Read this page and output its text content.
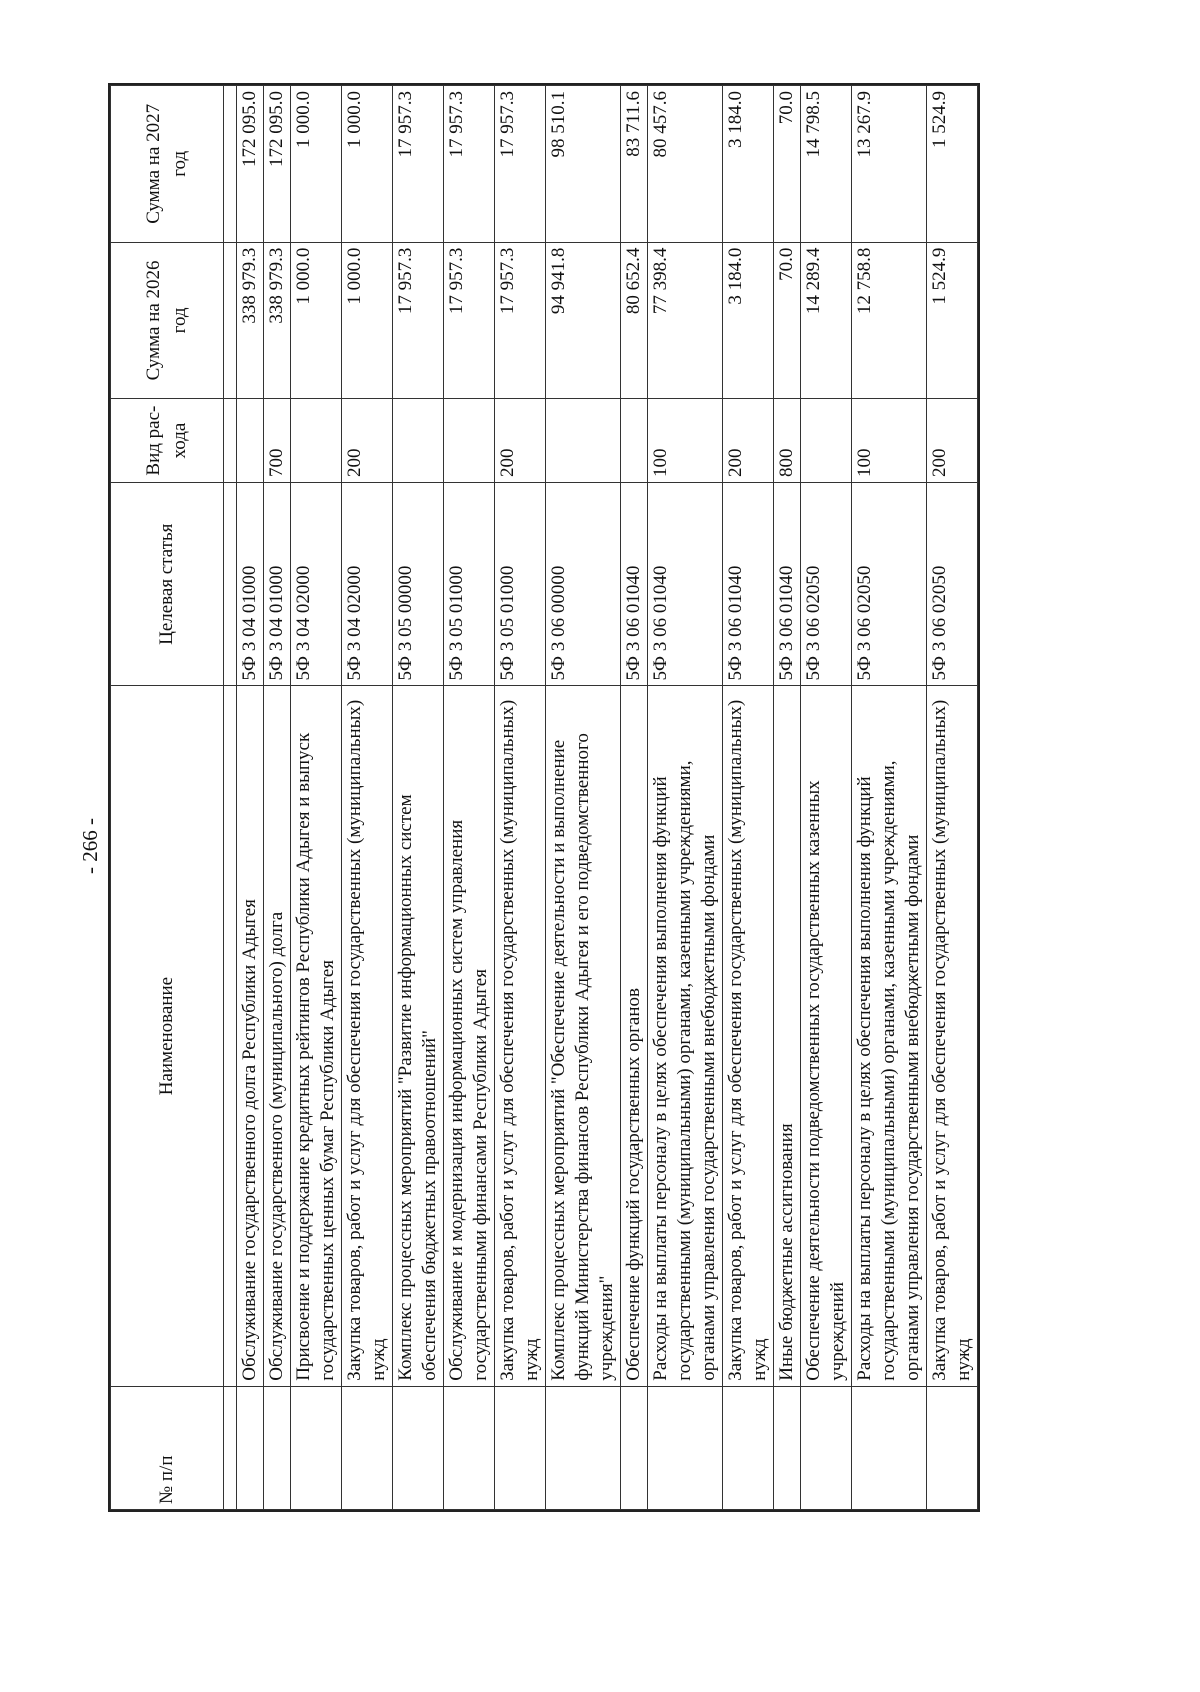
- 266 -
№ п/п	Наименование	Целевая статья	Вид рас- хода	Сумма на 2026 год	Сумма на 2027 год

	Обслуживание государственного долга Республики Адыгея	5Ф 3 04 01000		338 979.3	172 095.0
	Обслуживание государственного (муниципального) долга	5Ф 3 04 01000	700	338 979.3	172 095.0
	Присвоение и поддержание кредитных рейтингов Республики Адыгея и выпуск государственных ценных бумаг Республики Адыгея	5Ф 3 04 02000		1 000.0	1 000.0
	Закупка товаров, работ и услуг для обеспечения государственных (муниципальных) нужд	5Ф 3 04 02000	200	1 000.0	1 000.0
	Комплекс процессных мероприятий "Развитие информационных систем обеспечения бюджетных правоотношений"	5Ф 3 05 00000		17 957.3	17 957.3
	Обслуживание и модернизация информационных систем управления государственными финансами Республики Адыгея	5Ф 3 05 01000		17 957.3	17 957.3
	Закупка товаров, работ и услуг для обеспечения государственных (муниципальных) нужд	5Ф 3 05 01000	200	17 957.3	17 957.3
	Комплекс процессных мероприятий "Обеспечение деятельности и выполнение функций Министерства финансов Республики Адыгея и его подведомственного учреждения"	5Ф 3 06 00000		94 941.8	98 510.1
	Обеспечение функций государственных органов	5Ф 3 06 01040		80 652.4	83 711.6
	Расходы на выплаты персоналу в целях обеспечения выполнения функций государственными (муниципальными) органами, казенными учреждениями, органами управления государственными внебюджетными фондами	5Ф 3 06 01040	100	77 398.4	80 457.6
	Закупка товаров, работ и услуг для обеспечения государственных (муниципальных) нужд	5Ф 3 06 01040	200	3 184.0	3 184.0
	Иные бюджетные ассигнования	5Ф 3 06 01040	800	70.0	70.0
	Обеспечение деятельности подведомственных государственных казенных учреждений	5Ф 3 06 02050		14 289.4	14 798.5
	Расходы на выплаты персоналу в целях обеспечения выполнения функций государственными (муниципальными) органами, казенными учреждениями, органами управления государственными внебюджетными фондами	5Ф 3 06 02050	100	12 758.8	13 267.9
	Закупка товаров, работ и услуг для обеспечения государственных (муниципальных) нужд	5Ф 3 06 02050	200	1 524.9	1 524.9
